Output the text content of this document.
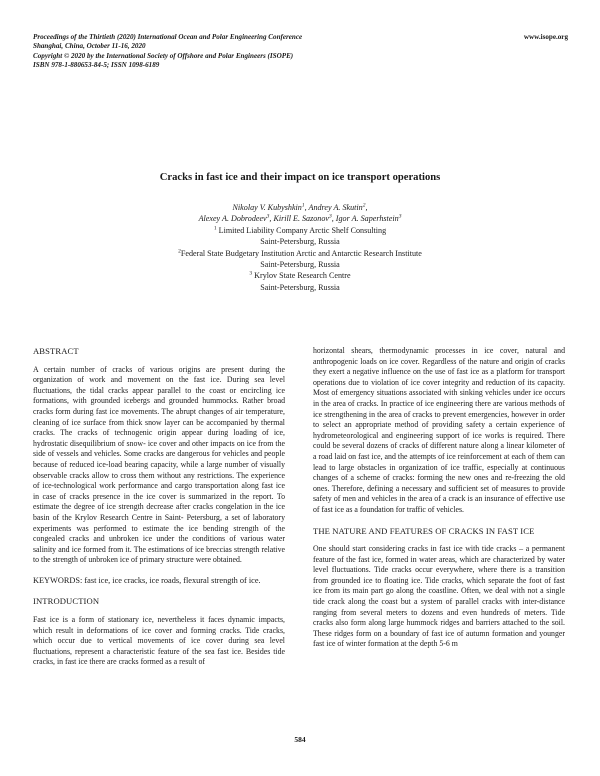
Proceedings of the Thirtieth (2020) International Ocean and Polar Engineering Conference
Shanghai, China, October 11-16, 2020
Copyright © 2020 by the International Society of Offshore and Polar Engineers (ISOPE)
ISBN 978-1-880653-84-5; ISSN 1098-6189
www.isope.org
Cracks in fast ice and their impact on ice transport operations
Nikolay V. Kubyshkin$^1$, Andrey A. Skutin$^2$,
Alexey A. Dobrodeev$^3$, Kirill E. Sazonov$^3$, Igor A. Saperhstein$^3$
$^1$ Limited Liability Company Arctic Shelf Consulting
Saint-Petersburg, Russia
$^2$Federal State Budgetary Institution Arctic and Antarctic Research Institute
Saint-Petersburg, Russia
$^3$ Krylov State Research Centre
Saint-Petersburg, Russia
ABSTRACT

A certain number of cracks of various origins are present during the organization of work and movement on the fast ice. During sea level fluctuations, the tidal cracks appear parallel to the coast or encircling ice formations, with grounded icebergs and grounded hummocks. Rather broad cracks form during fast ice movements. The abrupt changes of air temperature, cleaning of ice surface from thick snow layer can be accompanied by thermal cracks. The cracks of technogenic origin appear during loading of ice, hydrostatic disequilibrium of snow- ice cover and other impacts on ice from the side of vessels and vehicles. Some cracks are dangerous for vehicles and people because of reduced ice-load bearing capacity, while a large number of visually observable cracks allow to cross them without any restrictions. The experience of ice-technological work performance and cargo transportation along fast ice in case of cracks presence in the ice cover is summarized in the report. To estimate the degree of ice strength decrease after cracks congelation in the ice basin of the Krylov Research Centre in Saint- Petersburg, a set of laboratory experiments was performed to estimate the ice bending strength of the congealed cracks and unbroken ice under the conditions of various water salinity and ice formed from it. The estimations of ice breccias strength relative to the strength of unbroken ice of primary structure were obtained.

KEYWORDS: fast ice, ice cracks, ice roads, flexural strength of ice.
INTRODUCTION

Fast ice is a form of stationary ice, nevertheless it faces dynamic impacts, which result in deformations of ice cover and forming cracks. Tide cracks, which occur due to vertical movements of ice cover during sea level fluctuations, represent a characteristic feature of the sea fast ice. Besides tide cracks, in fast ice there are cracks formed as a result of

horizontal shears, thermodynamic processes in ice cover, natural and anthropogenic loads on ice cover. Regardless of the nature and origin of cracks they exert a negative influence on the use of fast ice as a platform for transport operations due to violation of ice cover integrity and reduction of its capacity. Most of emergency situations associated with sinking vehicles under ice occurs in the area of cracks. In practice of ice engineering there are various methods of ice strengthening in the area of cracks to prevent emergencies, however in order to select an appropriate method of providing safety a certain experience of hydrometeorological and engineering support of ice works is required. There could be several dozens of cracks of different nature along a linear kilometer of a road laid on fast ice, and the attempts of ice reinforcement at each of them can lead to large obstacles in organization of ice traffic, especially at continuous changes of a scheme of cracks: forming the new ones and re-freezing the old ones. Therefore, defining a necessary and sufficient set of measures to provide safety of men and vehicles in the area of a crack is an insurance of effective use of fast ice as a foundation for traffic of vehicles.

THE NATURE AND FEATURES OF CRACKS IN FAST ICE

One should start considering cracks in fast ice with tide cracks – a permanent feature of the fast ice, formed in water areas, which are characterized by water level fluctuations. Tide cracks occur everywhere, where there is a transition from grounded ice to floating ice. Tide cracks, which separate the foot of fast ice from its main part go along the coastline. Often, we deal with not a single tide crack along the coast but a system of parallel cracks with inter-distance ranging from several meters to dozens and even hundreds of meters. Tide cracks also form along large hummock ridges and barriers attached to the soil. These ridges form on a boundary of fast ice of autumn formation and younger fast ice of winter formation at the depth 5-6 m

584
